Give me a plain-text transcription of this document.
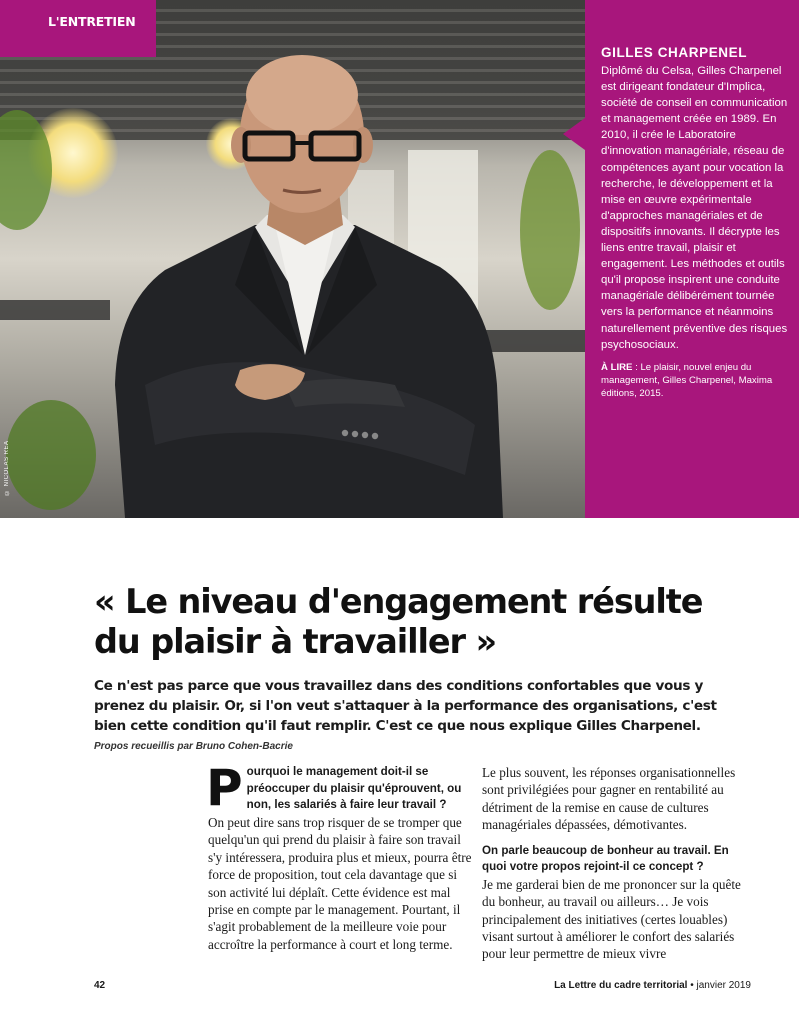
© NICOLAS REA
L'ENTRETIEN
GILLES CHARPENEL
Diplômé du Celsa, Gilles Charpenel est dirigeant fondateur d'Implica, société de conseil en communication et management créée en 1989. En 2010, il crée le Laboratoire d'innovation managériale, réseau de compétences ayant pour vocation la recherche, le développement et la mise en œuvre expérimentale d'approches managériales et de dispositifs innovants. Il décrypte les liens entre travail, plaisir et engagement. Les méthodes et outils qu'il propose inspirent une conduite managériale délibérément tournée vers la performance et néanmoins naturellement préventive des risques psychosociaux.
À LIRE : Le plaisir, nouvel enjeu du management, Gilles Charpenel, Maxima éditions, 2015.
« Le niveau d'engagement résulte du plaisir à travailler »

Ce n'est pas parce que vous travaillez dans des conditions confortables que vous y prenez du plaisir. Or, si l'on veut s'attaquer à la performance des organisations, c'est bien cette condition qu'il faut remplir. C'est ce que nous explique Gilles Charpenel.

Propos recueillis par Bruno Cohen-Bacrie

P ourquoi le management doit-il se préoccuper du plaisir qu'éprouvent, ou non, les salariés à faire leur travail ?

On peut dire sans trop risquer de se tromper que quelqu'un qui prend du plaisir à faire son travail s'y intéressera, produira plus et mieux, pourra être force de proposition, tout cela davantage que si son activité lui déplaît. Cette évidence est mal prise en compte par le management. Pourtant, il s'agit probablement de la meilleure voie pour accroître la performance à court et long terme.

Le plus souvent, les réponses organisationnelles sont privilégiées pour gagner en rentabilité au détriment de la remise en cause de cultures managériales dépassées, démotivantes.

On parle beaucoup de bonheur au travail. En quoi votre propos rejoint-il ce concept ?

Je me garderai bien de me prononcer sur la quête du bonheur, au travail ou ailleurs… Je vois principalement des initiatives (certes louables) visant surtout à améliorer le confort des salariés pour leur permettre de mieux vivre

42	La Lettre du cadre territorial • janvier 2019
